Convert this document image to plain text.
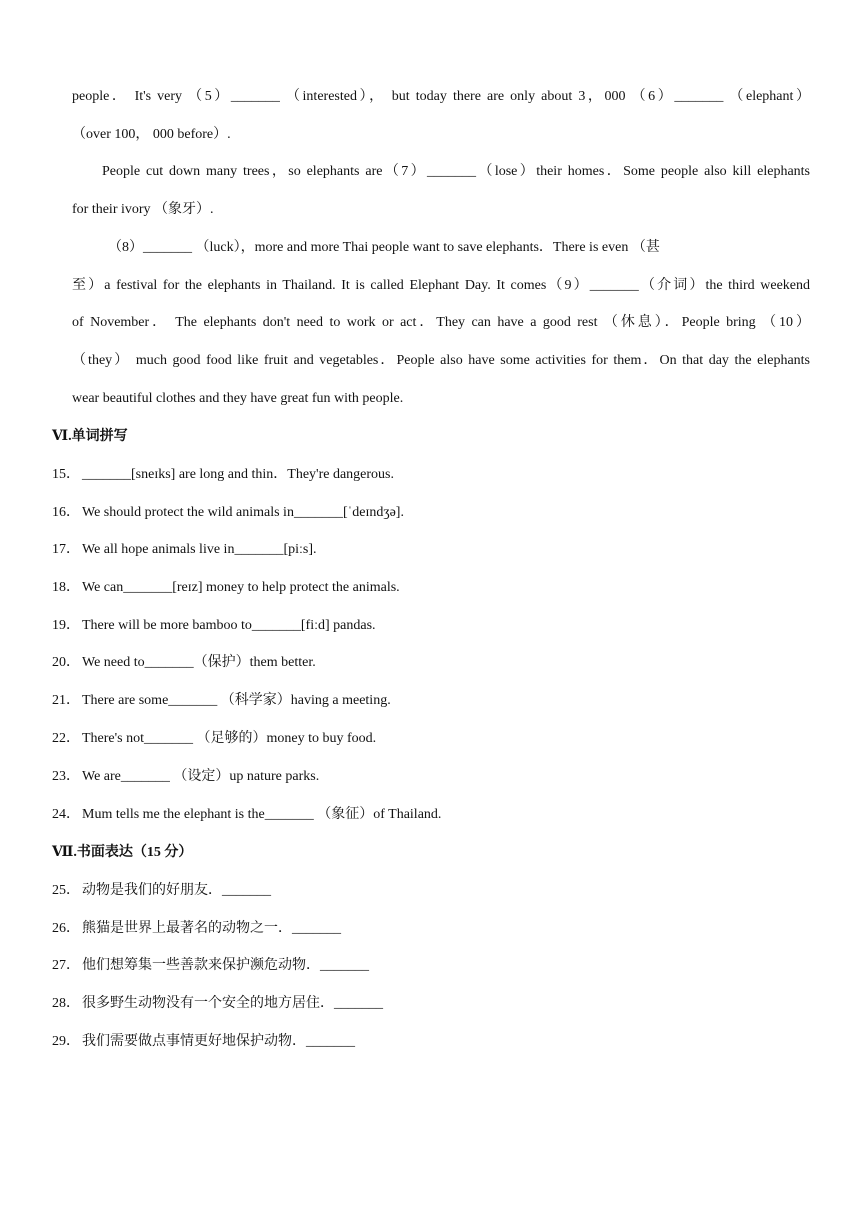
people． It's very （5）_______ （interested）， but today there are only about 3，000 （6）_______ （elephant）
（over 100， 000 before）.
People cut down many trees，so elephants are（7）_______（lose）their homes．Some people also kill elephants
for their ivory （象牙）.
（8）_______ （luck），more and more Thai people want to save elephants．There is even （甚
至）a festival for the elephants in Thailand. It is called Elephant Day. It comes（9）_______（介词）the third weekend
of November． The elephants don't need to work or act．They can have a good rest （休息）．People bring （10）
（they） much good food like fruit and vegetables．People also have some activities for them．On that day the elephants
wear beautiful clothes and they have great fun with people.
Ⅵ.单词拼写
15． _______[sneɪks] are long and thin．They're dangerous.
16． We should protect the wild animals in_______[ˈdeɪndʒə].
17． We all hope animals live in_______[piːs].
18． We can_______[reɪz] money to help protect the animals.
19． There will be more bamboo to_______[fiːd] pandas.
20． We need to_______（保护）them better.
21． There are some_______ （科学家）having a meeting.
22． There's not_______ （足够的）money to buy food.
23． We are_______ （设定）up nature parks.
24． Mum tells me the elephant is the_______ （象征）of Thailand.
Ⅶ.书面表达（15 分）
25． 动物是我们的好朋友．_______
26． 熊猫是世界上最著名的动物之一．_______
27． 他们想筹集一些善款来保护濒危动物．_______
28． 很多野生动物没有一个安全的地方居住．_______
29． 我们需要做点事情更好地保护动物．_______
